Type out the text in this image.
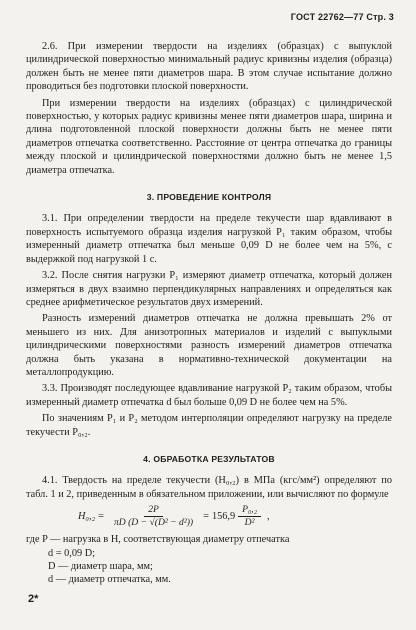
ГОСТ 22762—77 Стр. 3

2.6. При измерении твердости на изделиях (образцах) с выпуклой цилиндрической поверхностью минимальный радиус кривизны изделия (образца) должен быть не менее пяти диаметров шара. В этом случае испытание должно проводиться без подготовки плоской поверхности.

При измерении твердости на изделиях (образцах) с цилиндрической поверхностью, у которых радиус кривизны менее пяти диаметров шара, ширина и длина подготовленной плоской поверхности должны быть не менее пяти диаметров отпечатка соответственно. Расстояние от центра отпечатка до границы между плоской и цилиндрической поверхностями должно быть не менее 1,5 диаметра отпечатка.

3. ПРОВЕДЕНИЕ КОНТРОЛЯ

3.1. При определении твердости на пределе текучести шар вдавливают в поверхность испытуемого образца изделия нагрузкой P₁ таким образом, чтобы измеренный диаметр отпечатка был меньше 0,09 D не более чем на 5%, с выдержкой под нагрузкой 1 с.

3.2. После снятия нагрузки P₁ измеряют диаметр отпечатка, который должен измеряться в двух взаимно перпендикулярных направлениях и определяться как среднее арифметическое результатов двух измерений.

Разность измерений диаметров отпечатка не должна превышать 2% от меньшего из них. Для анизотропных материалов и изделий с выпуклыми цилиндрическими поверхностями разность измерений диаметров отпечатка должна быть указана в нормативно-технической документации на металлопродукцию.

3.3. Производят последующее вдавливание нагрузкой P₂ таким образом, чтобы измеренный диаметр отпечатка d был больше 0,09 D не более чем на 5%.

По значениям P₁ и P₂ методом интерполяции определяют нагрузку на пределе текучести P₀,₂.

4. ОБРАБОТКА РЕЗУЛЬТАТОВ

4.1. Твердость на пределе текучести (H₀,₂) в МПа (кгс/мм²) определяют по табл. 1 и 2, приведенным в обязательном приложении, или вычисляют по формуле

$H_0,_2 = \frac{2P}{\text{πD (D − √(D² − d²))}} = 156,9 \frac{\text{P₀,₂}}{\text{D²}}$ ,
где P — нагрузка в Н, соответствующая диаметру отпечатка
d = 0,09 D;
D — диаметр шара, мм;
d — диаметр отпечатка, мм.
2*
